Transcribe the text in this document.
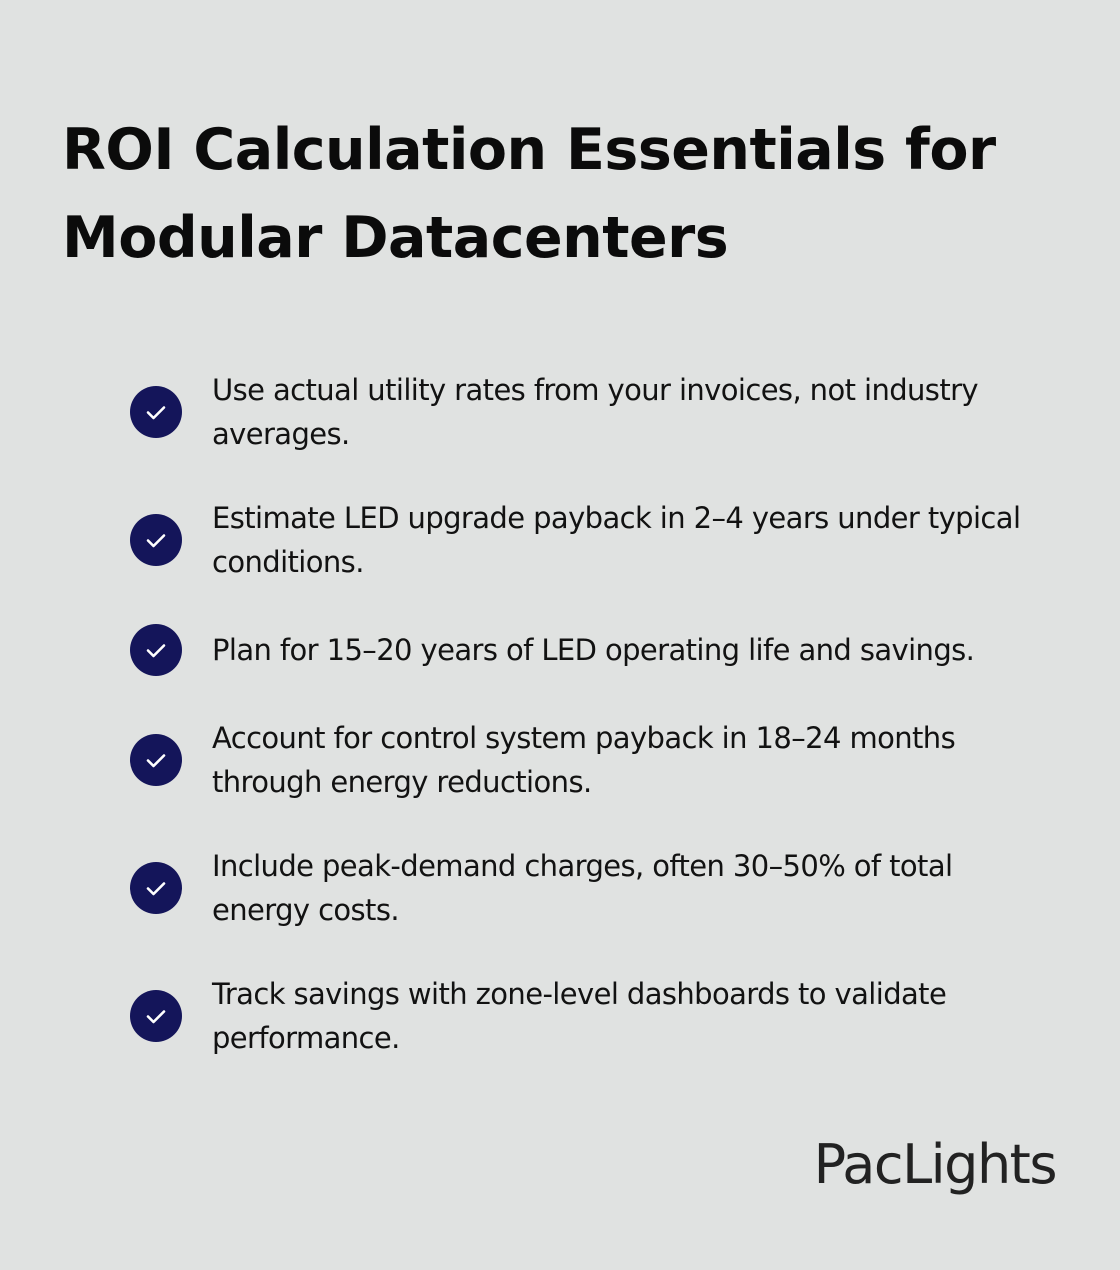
ROI Calculation Essentials for Modular Datacenters
Use actual utility rates from your invoices, not industry averages.
Estimate LED upgrade payback in 2–4 years under typical conditions.
Plan for 15–20 years of LED operating life and savings.
Account for control system payback in 18–24 months through energy reductions.
Include peak-demand charges, often 30–50% of total energy costs.
Track savings with zone-level dashboards to validate performance.
PacLights
